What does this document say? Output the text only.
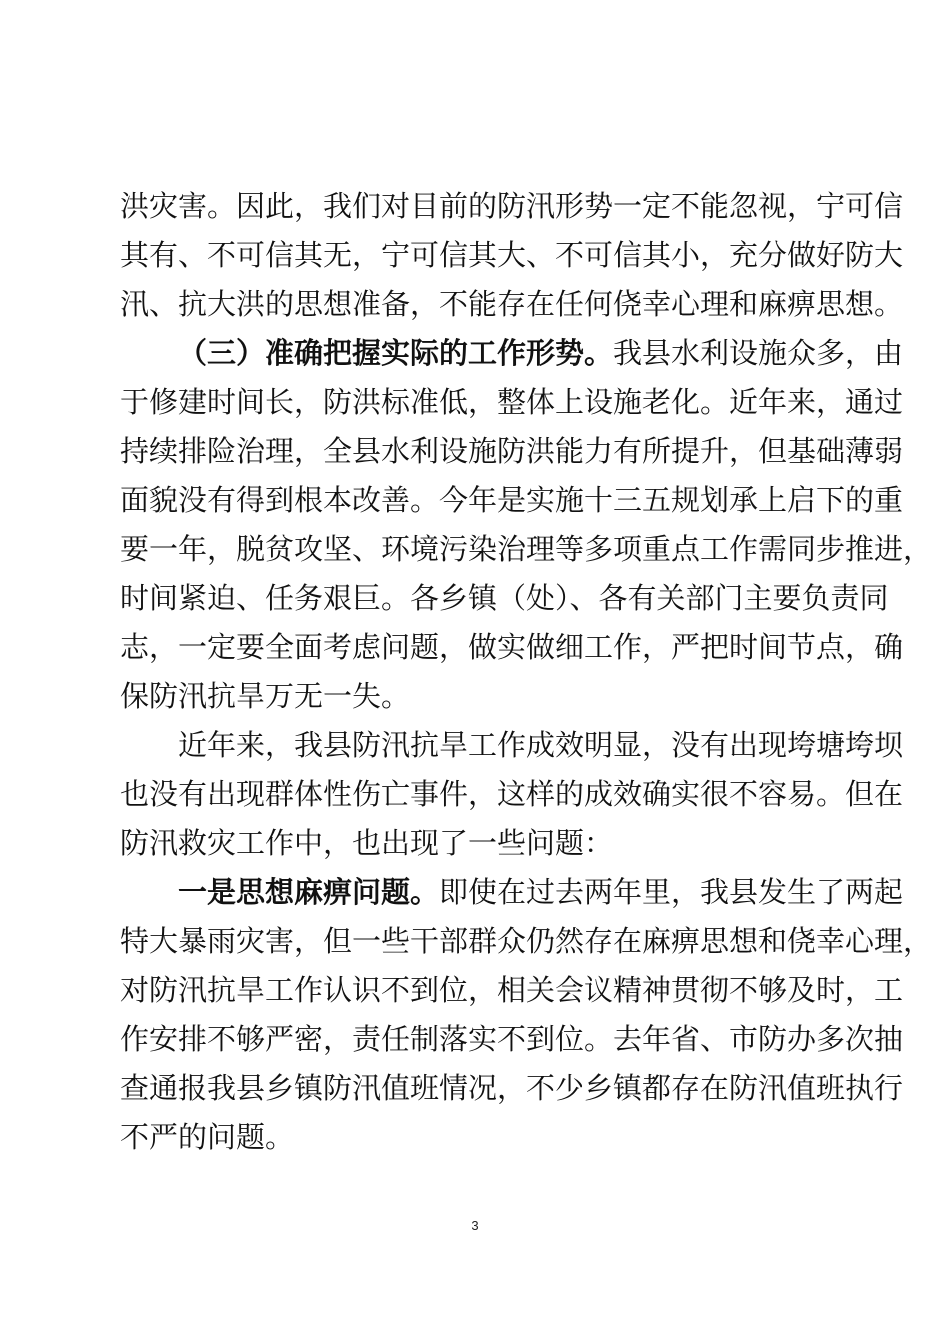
洪灾害。因此，我们对目前的防汛形势一定不能忽视，宁可信
其有、不可信其无，宁可信其大、不可信其小，充分做好防大
汛、抗大洪的思想准备，不能存在任何侥幸心理和麻痹思想。
（三）准确把握实际的工作形势。我县水利设施众多，由
于修建时间长，防洪标准低，整体上设施老化。近年来，通过
持续排险治理，全县水利设施防洪能力有所提升，但基础薄弱
面貌没有得到根本改善。今年是实施十三五规划承上启下的重
要一年，脱贫攻坚、环境污染治理等多项重点工作需同步推进，
时间紧迫、任务艰巨。各乡镇（处）、各有关部门主要负责同
志，一定要全面考虑问题，做实做细工作，严把时间节点，确
保防汛抗旱万无一失。
近年来，我县防汛抗旱工作成效明显，没有出现垮塘垮坝
也没有出现群体性伤亡事件，这样的成效确实很不容易。但在
防汛救灾工作中，也出现了一些问题：
一是思想麻痹问题。即使在过去两年里，我县发生了两起
特大暴雨灾害，但一些干部群众仍然存在麻痹思想和侥幸心理，
对防汛抗旱工作认识不到位，相关会议精神贯彻不够及时，工
作安排不够严密，责任制落实不到位。去年省、市防办多次抽
查通报我县乡镇防汛值班情况，不少乡镇都存在防汛值班执行
不严的问题。
3
